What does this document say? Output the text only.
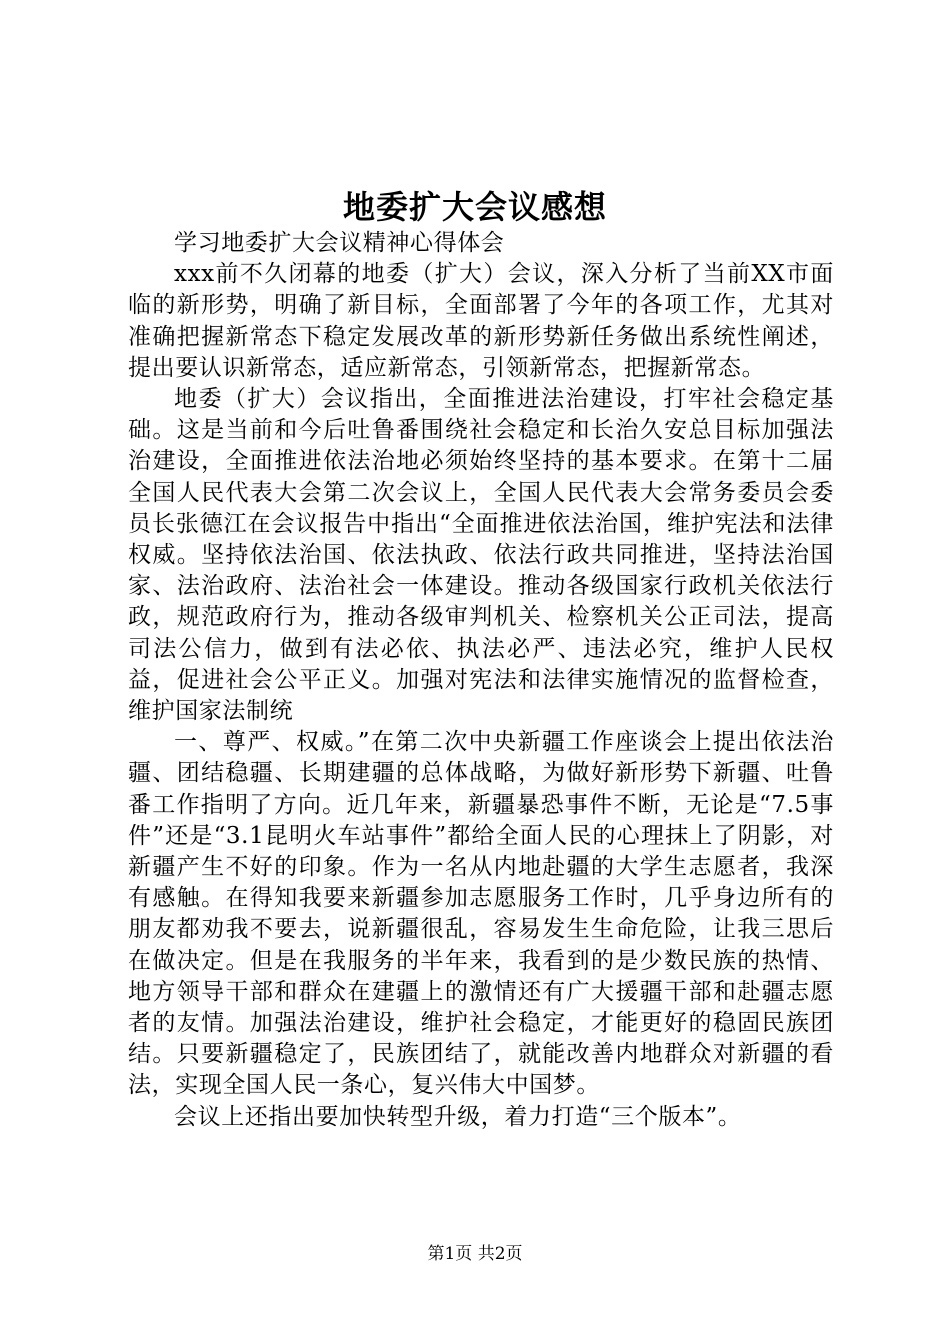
地委扩大会议感想

学习地委扩大会议精神心得体会

xxx前不久闭幕的地委（扩大）会议，深入分析了当前XX市面临的新形势，明确了新目标，全面部署了今年的各项工作，尤其对准确把握新常态下稳定发展改革的新形势新任务做出系统性阐述，提出要认识新常态，适应新常态，引领新常态，把握新常态。

地委（扩大）会议指出，全面推进法治建设，打牢社会稳定基础。这是当前和今后吐鲁番围绕社会稳定和长治久安总目标加强法治建设，全面推进依法治地必须始终坚持的基本要求。在第十二届全国人民代表大会第二次会议上，全国人民代表大会常务委员会委员长张德江在会议报告中指出“全面推进依法治国，维护宪法和法律权威。坚持依法治国、依法执政、依法行政共同推进，坚持法治国家、法治政府、法治社会一体建设。推动各级国家行政机关依法行政，规范政府行为，推动各级审判机关、检察机关公正司法，提高司法公信力，做到有法必依、执法必严、违法必究，维护人民权益，促进社会公平正义。加强对宪法和法律实施情况的监督检查，维护国家法制统

一、尊严、权威。”在第二次中央新疆工作座谈会上提出依法治疆、团结稳疆、长期建疆的总体战略，为做好新形势下新疆、吐鲁番工作指明了方向。近几年来，新疆暴恐事件不断，无论是“7.5事件”还是“3.1昆明火车站事件”都给全面人民的心理抹上了阴影，对新疆产生不好的印象。作为一名从内地赴疆的大学生志愿者，我深有感触。在得知我要来新疆参加志愿服务工作时，几乎身边所有的朋友都劝我不要去，说新疆很乱，容易发生生命危险，让我三思后在做决定。但是在我服务的半年来，我看到的是少数民族的热情、地方领导干部和群众在建疆上的激情还有广大援疆干部和赴疆志愿者的友情。加强法治建设，维护社会稳定，才能更好的稳固民族团结。只要新疆稳定了，民族团结了，就能改善内地群众对新疆的看法，实现全国人民一条心，复兴伟大中国梦。

会议上还指出要加快转型升级，着力打造“三个版本”。

第1页 共2页
